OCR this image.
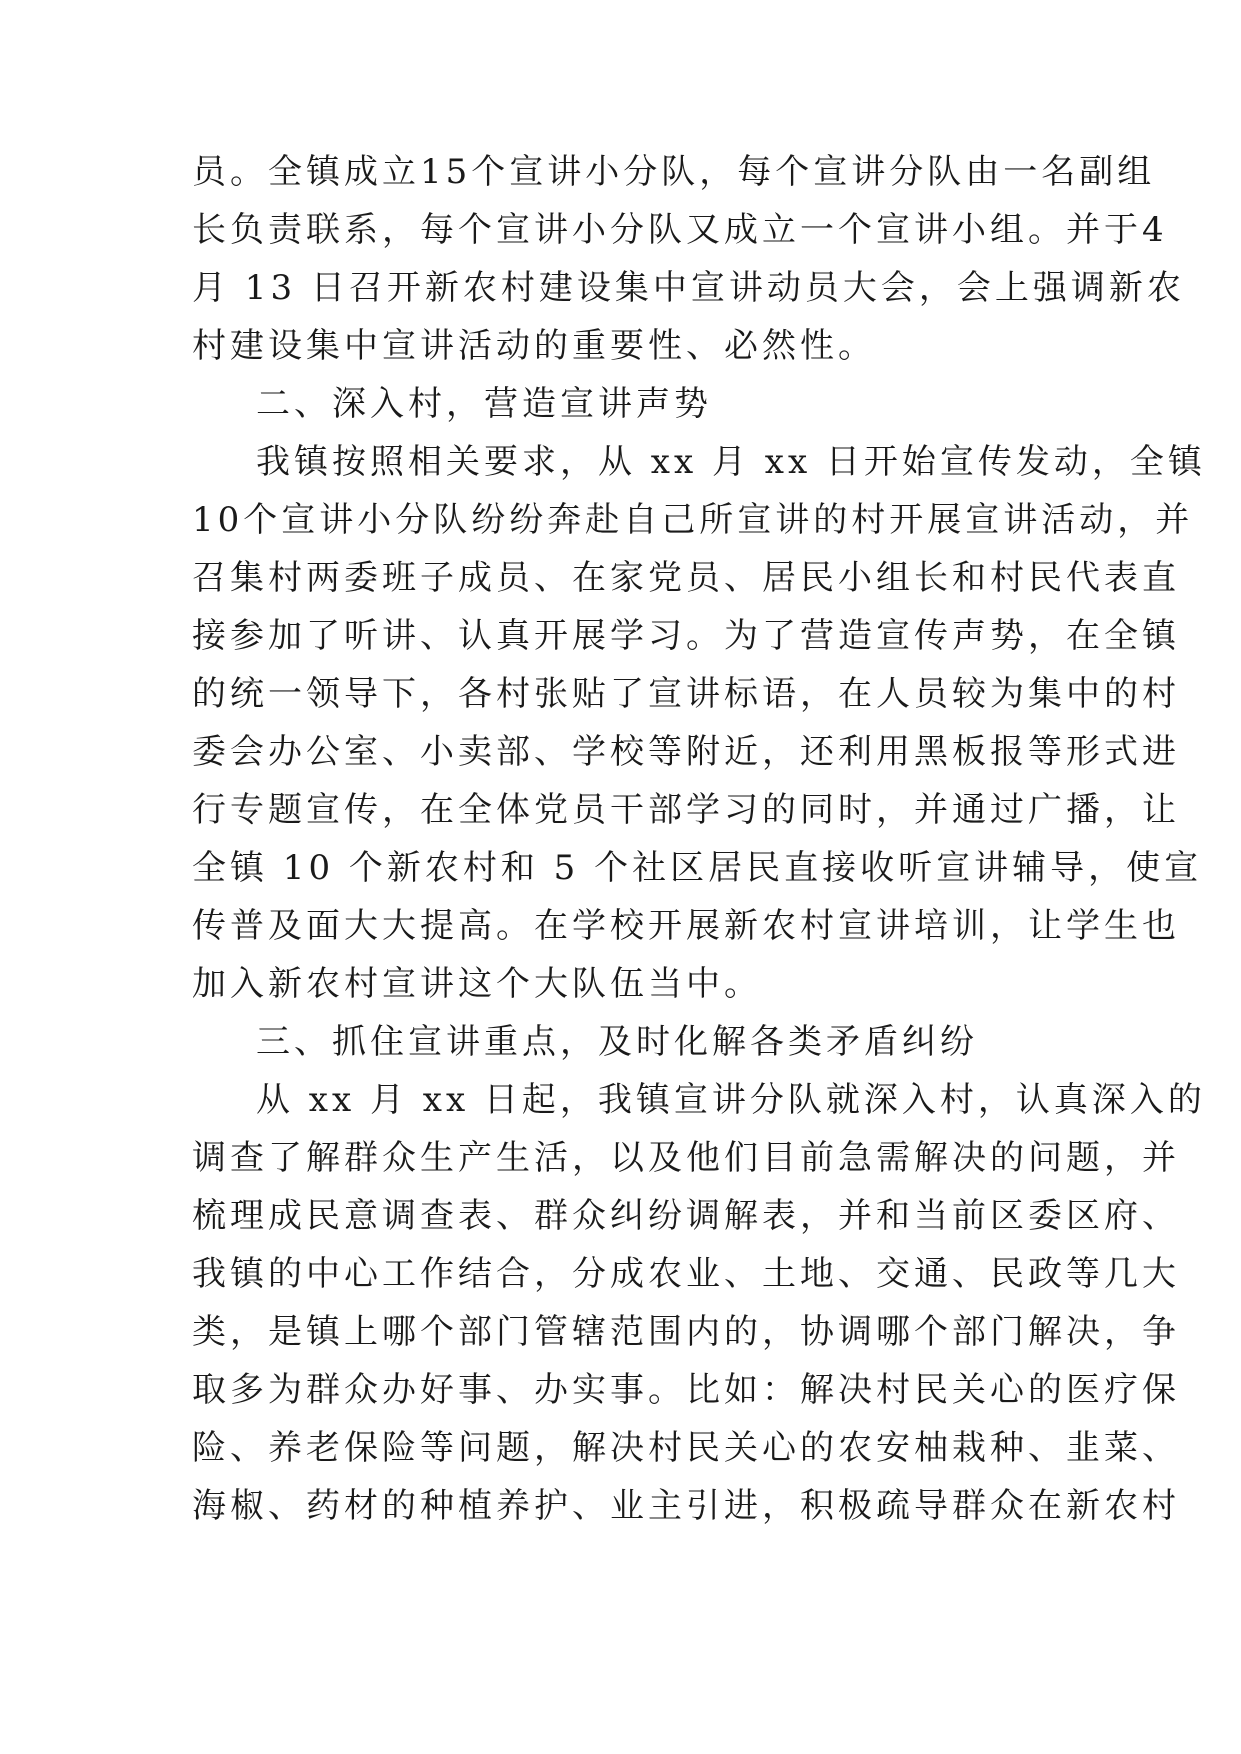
员。全镇成立15个宣讲小分队，每个宣讲分队由一名副组
长负责联系，每个宣讲小分队又成立一个宣讲小组。并于4
月 13 日召开新农村建设集中宣讲动员大会，会上强调新农
村建设集中宣讲活动的重要性、必然性。
二、深入村，营造宣讲声势
我镇按照相关要求，从 xx 月 xx 日开始宣传发动，全镇
10个宣讲小分队纷纷奔赴自己所宣讲的村开展宣讲活动，并
召集村两委班子成员、在家党员、居民小组长和村民代表直
接参加了听讲、认真开展学习。为了营造宣传声势，在全镇
的统一领导下，各村张贴了宣讲标语，在人员较为集中的村
委会办公室、小卖部、学校等附近，还利用黑板报等形式进
行专题宣传，在全体党员干部学习的同时，并通过广播，让
全镇 10 个新农村和 5 个社区居民直接收听宣讲辅导，使宣
传普及面大大提高。在学校开展新农村宣讲培训，让学生也
加入新农村宣讲这个大队伍当中。
三、抓住宣讲重点，及时化解各类矛盾纠纷
从 xx 月 xx 日起，我镇宣讲分队就深入村，认真深入的
调查了解群众生产生活，以及他们目前急需解决的问题，并
梳理成民意调查表、群众纠纷调解表，并和当前区委区府、
我镇的中心工作结合，分成农业、土地、交通、民政等几大
类，是镇上哪个部门管辖范围内的，协调哪个部门解决，争
取多为群众办好事、办实事。比如：解决村民关心的医疗保
险、养老保险等问题，解决村民关心的农安柚栽种、韭菜、
海椒、药材的种植养护、业主引进，积极疏导群众在新农村
